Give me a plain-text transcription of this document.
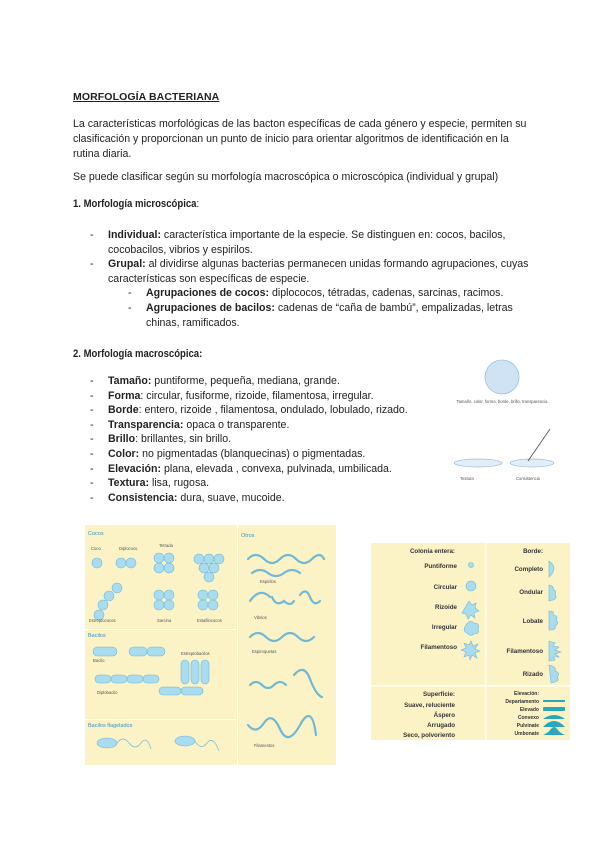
MORFOLOGÍA BACTERIANA
La características morfológicas de las bacton específicas de cada género y especie, permiten su clasificación y proporcionan un punto de inicio para orientar algoritmos de identificación en la rutina diaria.
Se puede clasificar según su morfología macroscópica o microscópica (individual y grupal)
1. Morfología microscópica:
- Individual: característica importante de la especie. Se distinguen en: cocos, bacilos, cocobacilos, vibrios y espirilos.
- Grupal: al dividirse algunas bacterias permanecen unidas formando agrupaciones, cuyas características son específicas de especie.
- Agrupaciones de cocos: diplococos, tétradas, cadenas, sarcinas, racimos.
- Agrupaciones de bacilos: cadenas de “caña de bambú”, empalizadas, letras chinas, ramificados.
2. Morfología macroscópica:
- Tamaño: puntiforme, pequeña, mediana, grande.
- Forma: circular, fusiforme, rizoide, filamentosa, irregular.
- Borde: entero, rizoide , filamentosa, ondulado, lobulado, rizado.
- Transparencia: opaca o transparente.
- Brillo: brillantes, sin brillo.
- Color: no pigmentadas (blanquecinas) o pigmentadas.
- Elevación: plana, elevada , convexa, pulvinada, umbilicada.
- Textura: lisa, rugosa.
- Consistencia: dura, suave, mucoide.
Tamaño, color, forma, borde, brillo, transparencia
Textura	Consistencia
Cocos
Coco	Diplococo
Tetrada
Estreptococos	Sarcina	Estafilococos
Bacilos
Bacilo
Diplobacilo
Estreptobacilos
Bacilos flagelados
Otros
Espirilos
Vibrios
Espiroquetas
Filamentos
Colonia entera:
Puntiforme
Circular
Rizoide
Irregular
Filamentoso
Borde:
Completo
Ondular
Lobate
Filamentoso
Rizado
Superficie:
Suave, reluciente
Áspero
Arrugado
Seco, polvoriento
Elevación:
Departamento
Elevado
Convexo
Pulvinate
Umbonate
